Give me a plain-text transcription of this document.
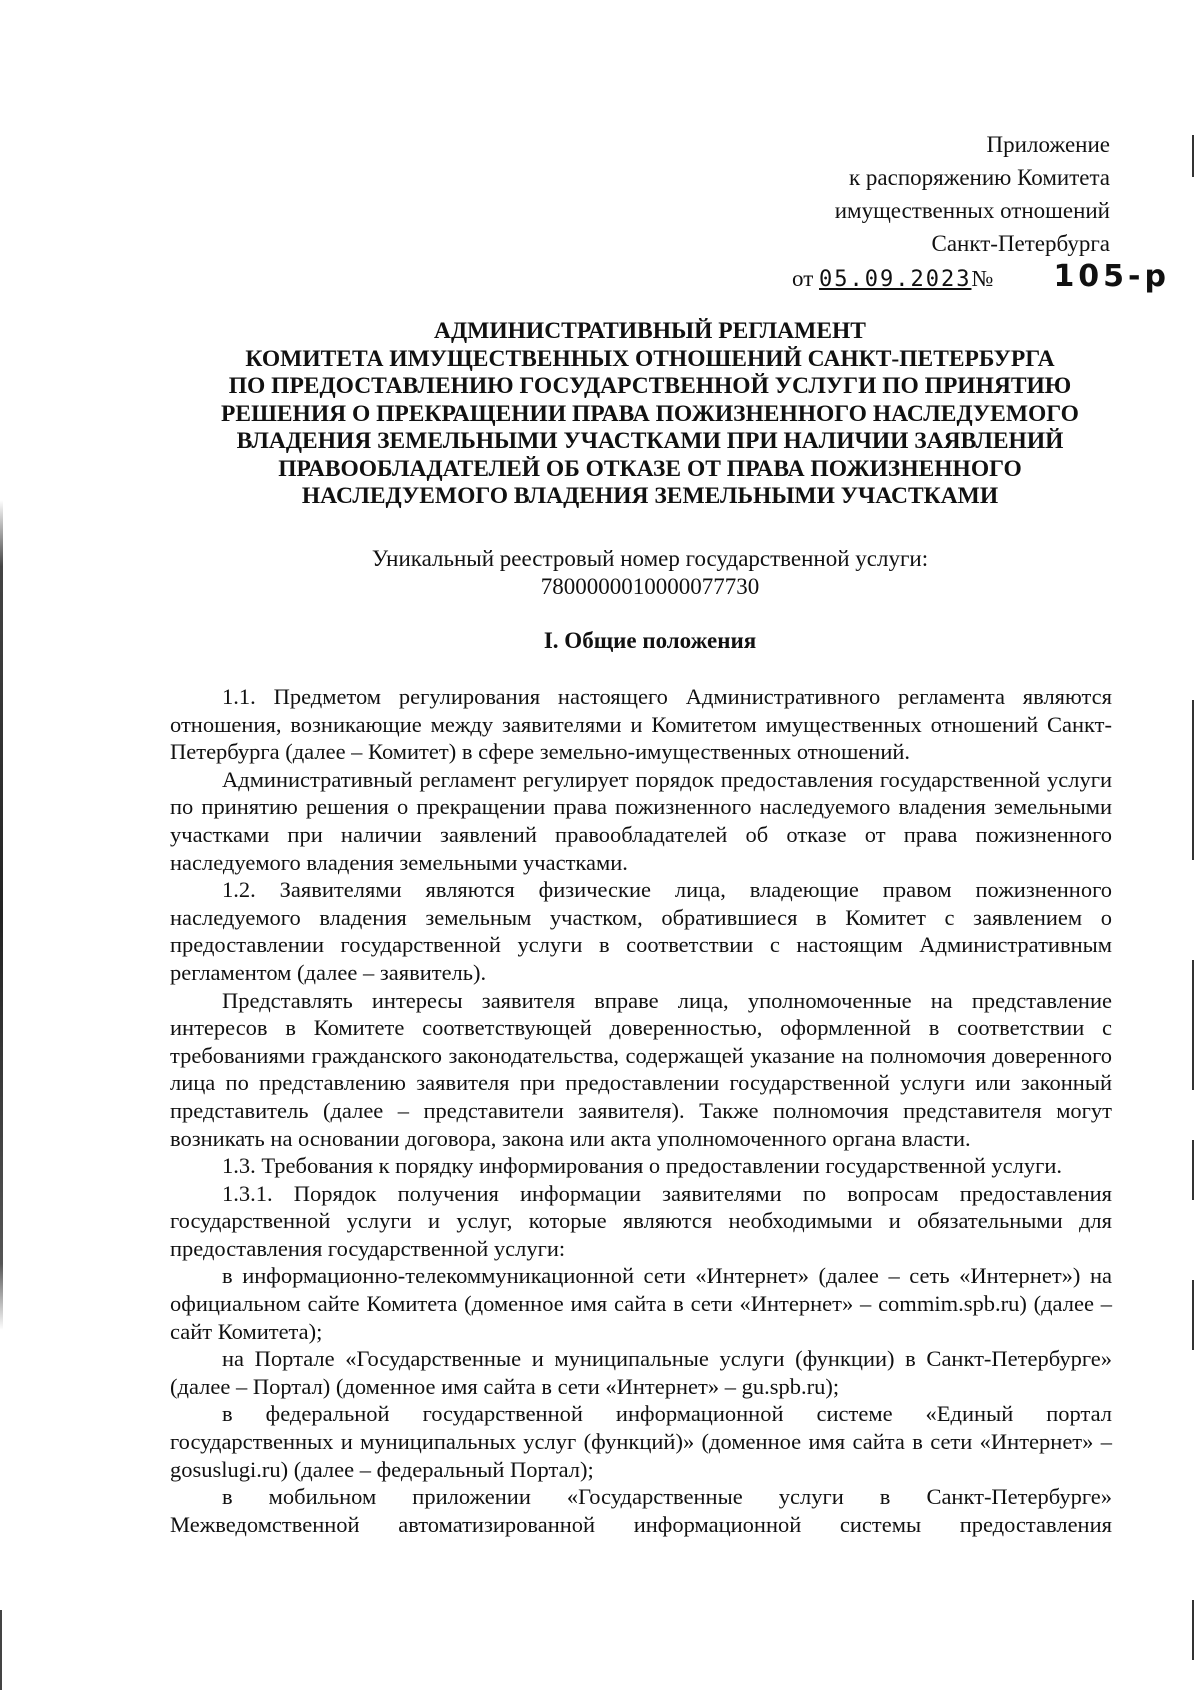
Приложение
к распоряжению Комитета
имущественных отношений
Санкт-Петербурга
от 05.09.2023№ 105-р
АДМИНИСТРАТИВНЫЙ РЕГЛАМЕНТ
КОМИТЕТА ИМУЩЕСТВЕННЫХ ОТНОШЕНИЙ САНКТ-ПЕТЕРБУРГА
ПО ПРЕДОСТАВЛЕНИЮ ГОСУДАРСТВЕННОЙ УСЛУГИ ПО ПРИНЯТИЮ
РЕШЕНИЯ О ПРЕКРАЩЕНИИ ПРАВА ПОЖИЗНЕННОГО НАСЛЕДУЕМОГО
ВЛАДЕНИЯ ЗЕМЕЛЬНЫМИ УЧАСТКАМИ ПРИ НАЛИЧИИ ЗАЯВЛЕНИЙ
ПРАВООБЛАДАТЕЛЕЙ ОБ ОТКАЗЕ ОТ ПРАВА ПОЖИЗНЕННОГО
НАСЛЕДУЕМОГО ВЛАДЕНИЯ ЗЕМЕЛЬНЫМИ УЧАСТКАМИ
Уникальный реестровый номер государственной услуги:
7800000010000077730
I. Общие положения

1.1. Предметом регулирования настоящего Административного регламента являются отношения, возникающие между заявителями и Комитетом имущественных отношений Санкт-Петербурга (далее – Комитет) в сфере земельно-имущественных отношений.

Административный регламент регулирует порядок предоставления государственной услуги по принятию решения о прекращении права пожизненного наследуемого владения земельными участками при наличии заявлений правообладателей об отказе от права пожизненного наследуемого владения земельными участками.

1.2. Заявителями являются физические лица, владеющие правом пожизненного наследуемого владения земельным участком, обратившиеся в Комитет с заявлением о предоставлении государственной услуги в соответствии с настоящим Административным регламентом (далее – заявитель).

Представлять интересы заявителя вправе лица, уполномоченные на представление интересов в Комитете соответствующей доверенностью, оформленной в соответствии с требованиями гражданского законодательства, содержащей указание на полномочия доверенного лица по представлению заявителя при предоставлении государственной услуги или законный представитель (далее – представители заявителя). Также полномочия представителя могут возникать на основании договора, закона или акта уполномоченного органа власти.

1.3. Требования к порядку информирования о предоставлении государственной услуги.

1.3.1. Порядок получения информации заявителями по вопросам предоставления государственной услуги и услуг, которые являются необходимыми и обязательными для предоставления государственной услуги:

в информационно-телекоммуникационной сети «Интернет» (далее – сеть «Интернет») на официальном сайте Комитета (доменное имя сайта в сети «Интернет» – commim.spb.ru) (далее – сайт Комитета);

на Портале «Государственные и муниципальные услуги (функции) в Санкт-Петербурге» (далее – Портал) (доменное имя сайта в сети «Интернет» – gu.spb.ru);

в федеральной государственной информационной системе «Единый портал государственных и муниципальных услуг (функций)» (доменное имя сайта в сети «Интернет» – gosuslugi.ru) (далее – федеральный Портал);

в мобильном приложении «Государственные услуги в Санкт-Петербурге» Межведомственной автоматизированной информационной системы предоставления
